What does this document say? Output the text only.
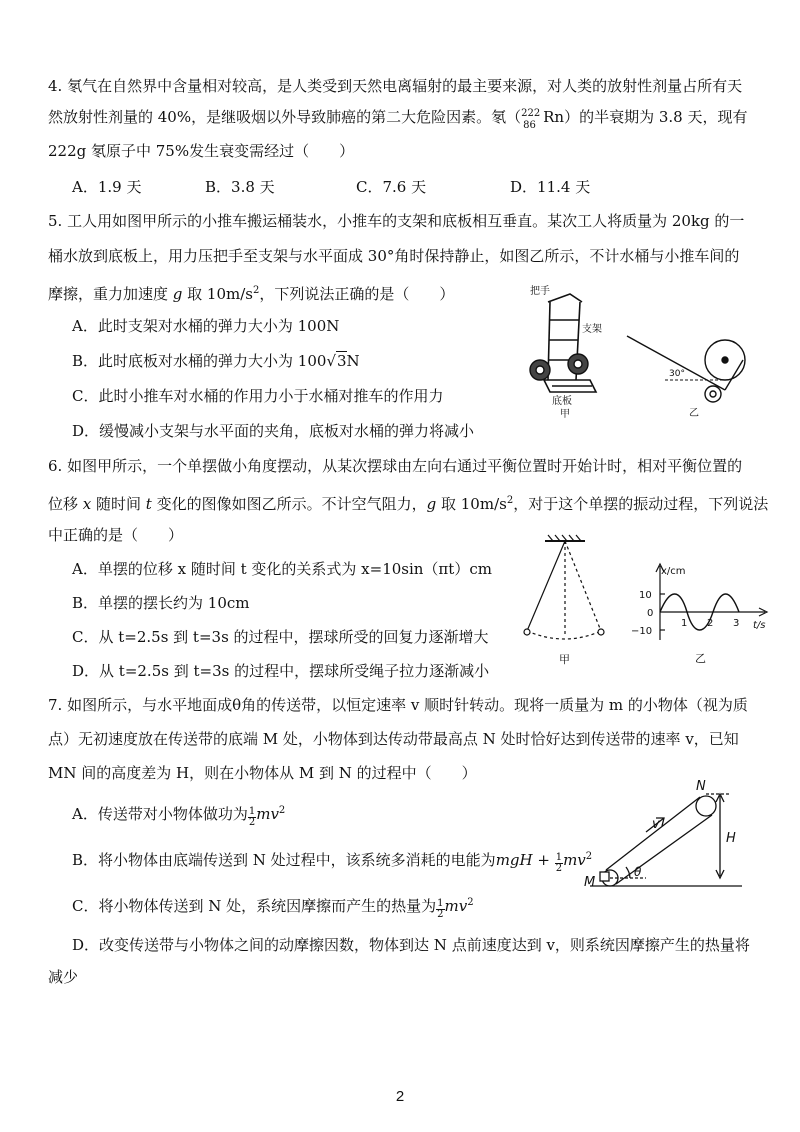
4. 氡气在自然界中含量相对较高，是人类受到天然电离辐射的最主要来源，对人类的放射性剂量占所有天
然放射性剂量的 40%，是继吸烟以外导致肺癌的第二大危险因素。氡（ 222
86 Rn）的半衰期为 3.8 天，现有
222g 氡原子中 75%发生衰变需经过（　　）
A．1.9 天	B．3.8 天	C．7.6 天	D．11.4 天
5. 工人用如图甲所示的小推车搬运桶装水，小推车的支架和底板相互垂直。某次工人将质量为 20kg 的一
桶水放到底板上，用力压把手至支架与水平面成 30°角时保持静止，如图乙所示，不计水桶与小推车间的
摩擦，重力加速度 g 取 $10m/s^2$，下列说法正确的是（　　）
A．此时支架对水桶的弹力大小为 100N
B．此时底板对水桶的弹力大小为 100√3N
C．此时小推车对水桶的作用力小于水桶对推车的作用力
D．缓慢减小支架与水平面的夹角，底板对水桶的弹力将减小
把手
支架
底板
甲
30°
乙
6. 如图甲所示，一个单摆做小角度摆动，从某次摆球由左向右通过平衡位置时开始计时，相对平衡位置的
位移 x 随时间 t 变化的图像如图乙所示。不计空气阻力，g 取 $10m/s^2$，对于这个单摆的振动过程，下列说法
中正确的是（　　）
A．单摆的位移 x 随时间 t 变化的关系式为 x=10sin（πt）cm
B．单摆的摆长约为 10cm
C．从 t=2.5s 到 t=3s 的过程中，摆球所受的回复力逐渐增大
D．从 t=2.5s 到 t=3s 的过程中，摆球所受绳子拉力逐渐减小
甲
x/cm
t/s
10
0
−10
1 2 3
乙
7. 如图所示，与水平地面成θ角的传送带，以恒定速率 v 顺时针转动。现将一质量为 m 的小物体（视为质
点）无初速度放在传送带的底端 M 处，小物体到达传动带最高点 N 处时恰好达到传送带的速率 v，已知
MN 间的高度差为 H，则在小物体从 M 到 N 的过程中（　　）
A．传送带对小物体做功为 $\frac{1}{2} mv^2$
B．将小物体由底端传送到 N 处过程中，该系统多消耗的电能为mgH + $\frac{1}{2} mv^2$
C．将小物体传送到 N 处，系统因摩擦而产生的热量为 $\frac{1}{2} mv^2$
D．改变传送带与小物体之间的动摩擦因数，物体到达 N 点前速度达到 v，则系统因摩擦产生的热量将
减少
N
M
v
H
θ
2
